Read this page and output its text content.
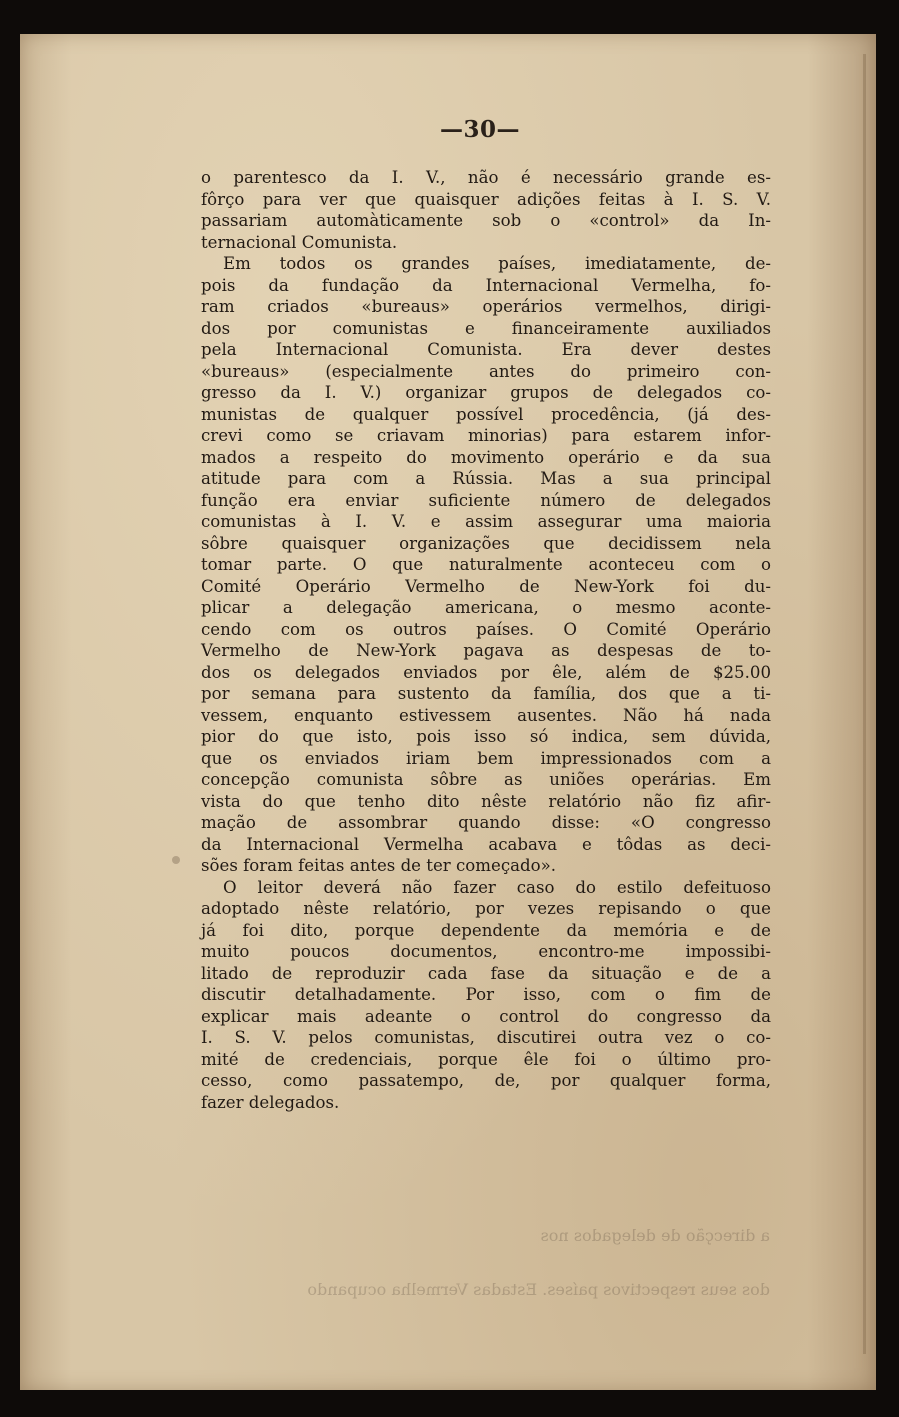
—30—
o parentesco da I. V., não é necessário grande es-
fôrço para ver que quaisquer adições feitas à I. S. V.
passariam automàticamente sob o «control» da In-
ternacional Comunista.
Em todos os grandes países, imediatamente, de-
pois da fundação da Internacional Vermelha, fo-
ram criados «bureaus» operários vermelhos, dirigi-
dos por comunistas e financeiramente auxiliados
pela Internacional Comunista. Era dever destes
«bureaus» (especialmente antes do primeiro con-
gresso da I. V.) organizar grupos de delegados co-
munistas de qualquer possível procedência, (já des-
crevi como se criavam minorias) para estarem infor-
mados a respeito do movimento operário e da sua
atitude para com a Rússia. Mas a sua principal
função era enviar suficiente número de delegados
comunistas à I. V. e assim assegurar uma maioria
sôbre quaisquer organizações que decidissem nela
tomar parte. O que naturalmente aconteceu com o
Comité Operário Vermelho de New-York foi du-
plicar a delegação americana, o mesmo aconte-
cendo com os outros países. O Comité Operário
Vermelho de New-York pagava as despesas de to-
dos os delegados enviados por êle, além de $25.00
por semana para sustento da família, dos que a ti-
vessem, enquanto estivessem ausentes. Não há nada
pior do que isto, pois isso só indica, sem dúvida,
que os enviados iriam bem impressionados com a
concepção comunista sôbre as uniões operárias. Em
vista do que tenho dito nêste relatório não fiz afir-
mação de assombrar quando disse: «O congresso
da Internacional Vermelha acabava e tôdas as deci-
sões foram feitas antes de ter começado».
O leitor deverá não fazer caso do estilo defeituoso
adoptado nêste relatório, por vezes repisando o que
já foi dito, porque dependente da memória e de
muito poucos documentos, encontro-me impossibi-
litado de reproduzir cada fase da situação e de a
discutir detalhadamente. Por isso, com o fim de
explicar mais adeante o control do congresso da
I. S. V. pelos comunistas, discutirei outra vez o co-
mité de credenciais, porque êle foi o último pro-
cesso, como passatempo, de, por qualquer forma,
fazer delegados.

a direcção de delegados nos

dos seus respectivos países. Estadas Vermelha ocupando
